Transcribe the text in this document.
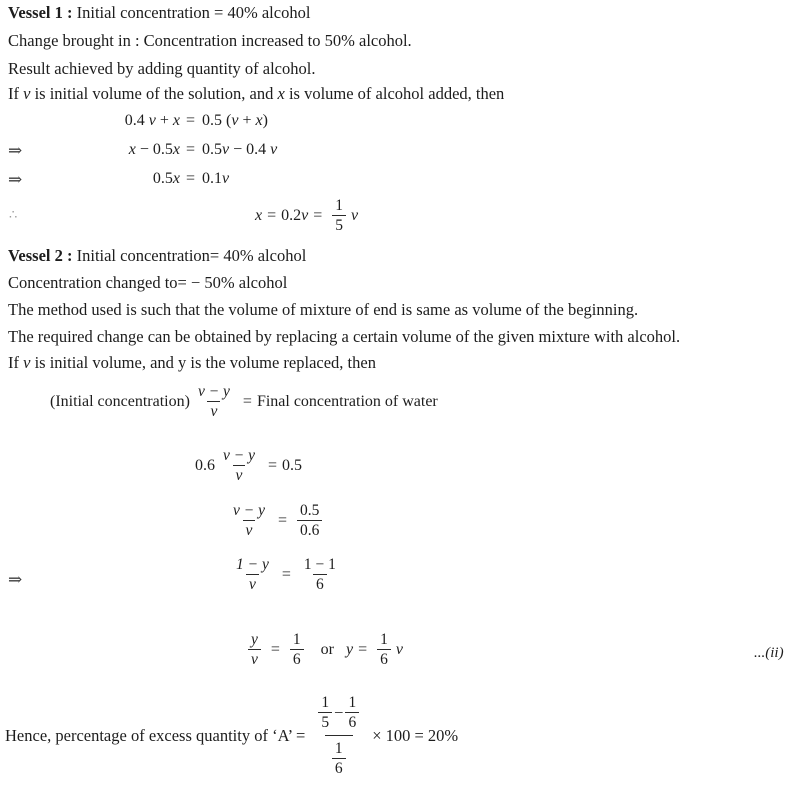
Vessel 1 : Initial concentration = 40% alcohol
Change brought in : Concentration increased to 50% alcohol.
Result achieved by adding quantity of alcohol.
If v is initial volume of the solution, and x is volume of alcohol added, then
0.4 v + x = 0.5 (v + x)
⇒	x − 0.5x = 0.5v − 0.4 v
⇒	0.5x = 0.1v
∴	x = 0.2 $v = \frac{1}{5}$ v
Vessel 2 : Initial concentration= 40% alcohol
Concentration changed to= − 50% alcohol
The method used is such that the volume of mixture of end is same as volume of the beginning.
The required change can be obtained by replacing a certain volume of the given mixture with alcohol.
If v is initial volume, and y is the volume replaced, then
(Initial concentration) $\frac{v - y}{v}$ = Final concentration of water
$0.6 \frac{v - y}{v} = 0.5$
$\frac{v - y}{v} = \frac{0.5}{0.6}$
⇒	$\frac{1 - y}{v} = \frac{1 - 1}{6}$
$\frac{y}{v} = \frac{1}{6}$ or $y = \frac{1}{6}$ v	...(ii)
Hence, percentage of excess quantity of ‘A’ = $\frac{\frac{1}{5} - \frac{1}{6}}{\frac{1}{6}} \times 100 = 20\%$
